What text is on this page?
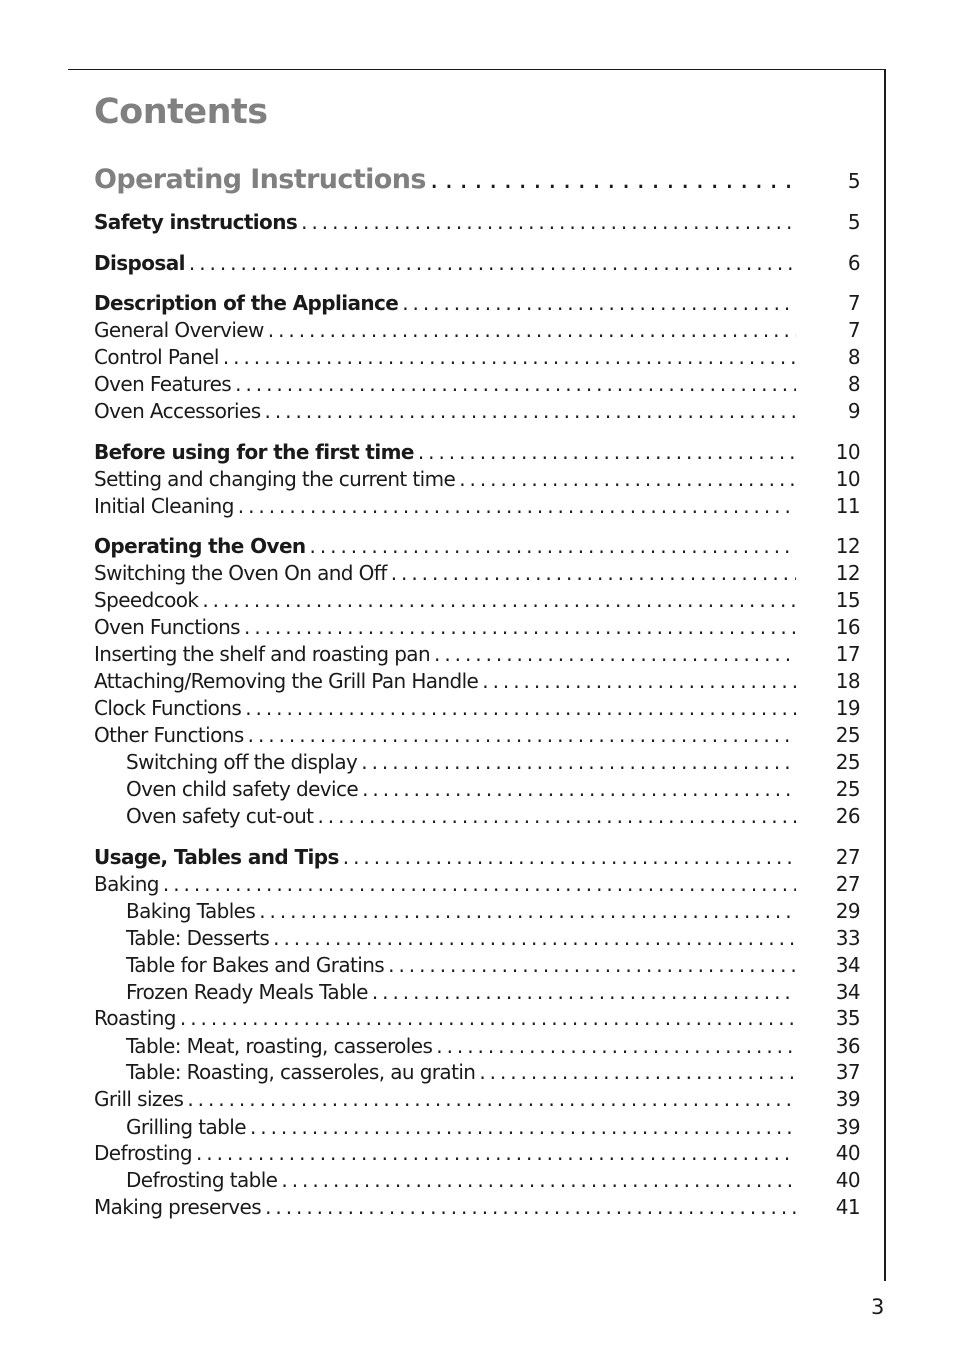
Contents
Operating Instructions . . .	5
Safety instructions . . .	5
Disposal . . .	6
Description of the Appliance . . .	7
General Overview . . .	7
Control Panel . . .	8
Oven Features . . .	8
Oven Accessories . . .	9
Before using for the first time . . .	10
Setting and changing the current time . . .	10
Initial Cleaning . . .	11
Operating the Oven . . .	12
Switching the Oven On and Off . . .	12
Speedcook . . .	15
Oven Functions . . .	16
Inserting the shelf and roasting pan . . .	17
Attaching/Removing the Grill Pan Handle . . .	18
Clock Functions . . .	19
Other Functions . . .	25
Switching off the display . . .	25
Oven child safety device . . .	25
Oven safety cut-out . . .	26
Usage, Tables and Tips . . .	27
Baking . . .	27
Baking Tables . . .	29
Table: Desserts . . .	33
Table for Bakes and Gratins . . .	34
Frozen Ready Meals Table . . .	34
Roasting . . .	35
Table: Meat, roasting, casseroles . . .	36
Table: Roasting, casseroles, au gratin . . .	37
Grill sizes . . .	39
Grilling table . . .	39
Defrosting . . .	40
Defrosting table . . .	40
Making preserves . . .	41
3
